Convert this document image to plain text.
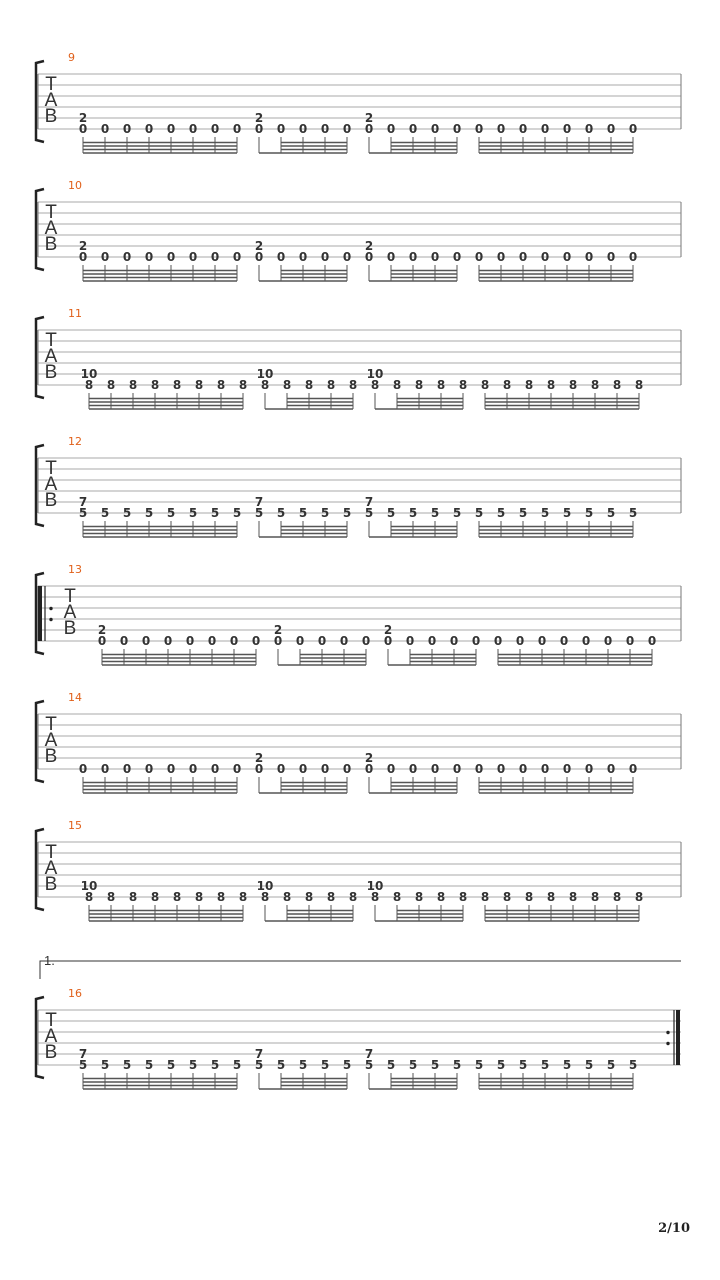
9
T
A
B
0
2
0 0 0 0 0 0 0 0
2
0 0 0 0 0
2
0 0 0 0 0 0 0 0 0 0 0 0
10
T
A
B
0
2
0 0 0 0 0 0 0 0
2
0 0 0 0 0
2
0 0 0 0 0 0 0 0 0 0 0 0
11
T
A
B
8
10
8 8 8 8 8 8 8 8
10
8 8 8 8 8
10
8 8 8 8 8 8 8 8 8 8 8 8
12
T
A
B
5
7
5 5 5 5 5 5 5 5
7
5 5 5 5 5
7
5 5 5 5 5 5 5 5 5 5 5 5
13
T
A
B
0
2
0 0 0 0 0 0 0 0
2
0 0 0 0 0
2
0 0 0 0 0 0 0 0 0 0 0 0
14
T
A
B
0 0 0 0 0 0 0 0 0
2
0 0 0 0 0
2
0 0 0 0 0 0 0 0 0 0 0 0
15
T
A
B
8
10
8 8 8 8 8 8 8 8
10
8 8 8 8 8
10
8 8 8 8 8 8 8 8 8 8 8 8
16
T
A
B
5
7
5 5 5 5 5 5 5 5
7
5 5 5 5 5
7
5 5 5 5 5 5 5 5 5 5 5 5
1.
2/10
